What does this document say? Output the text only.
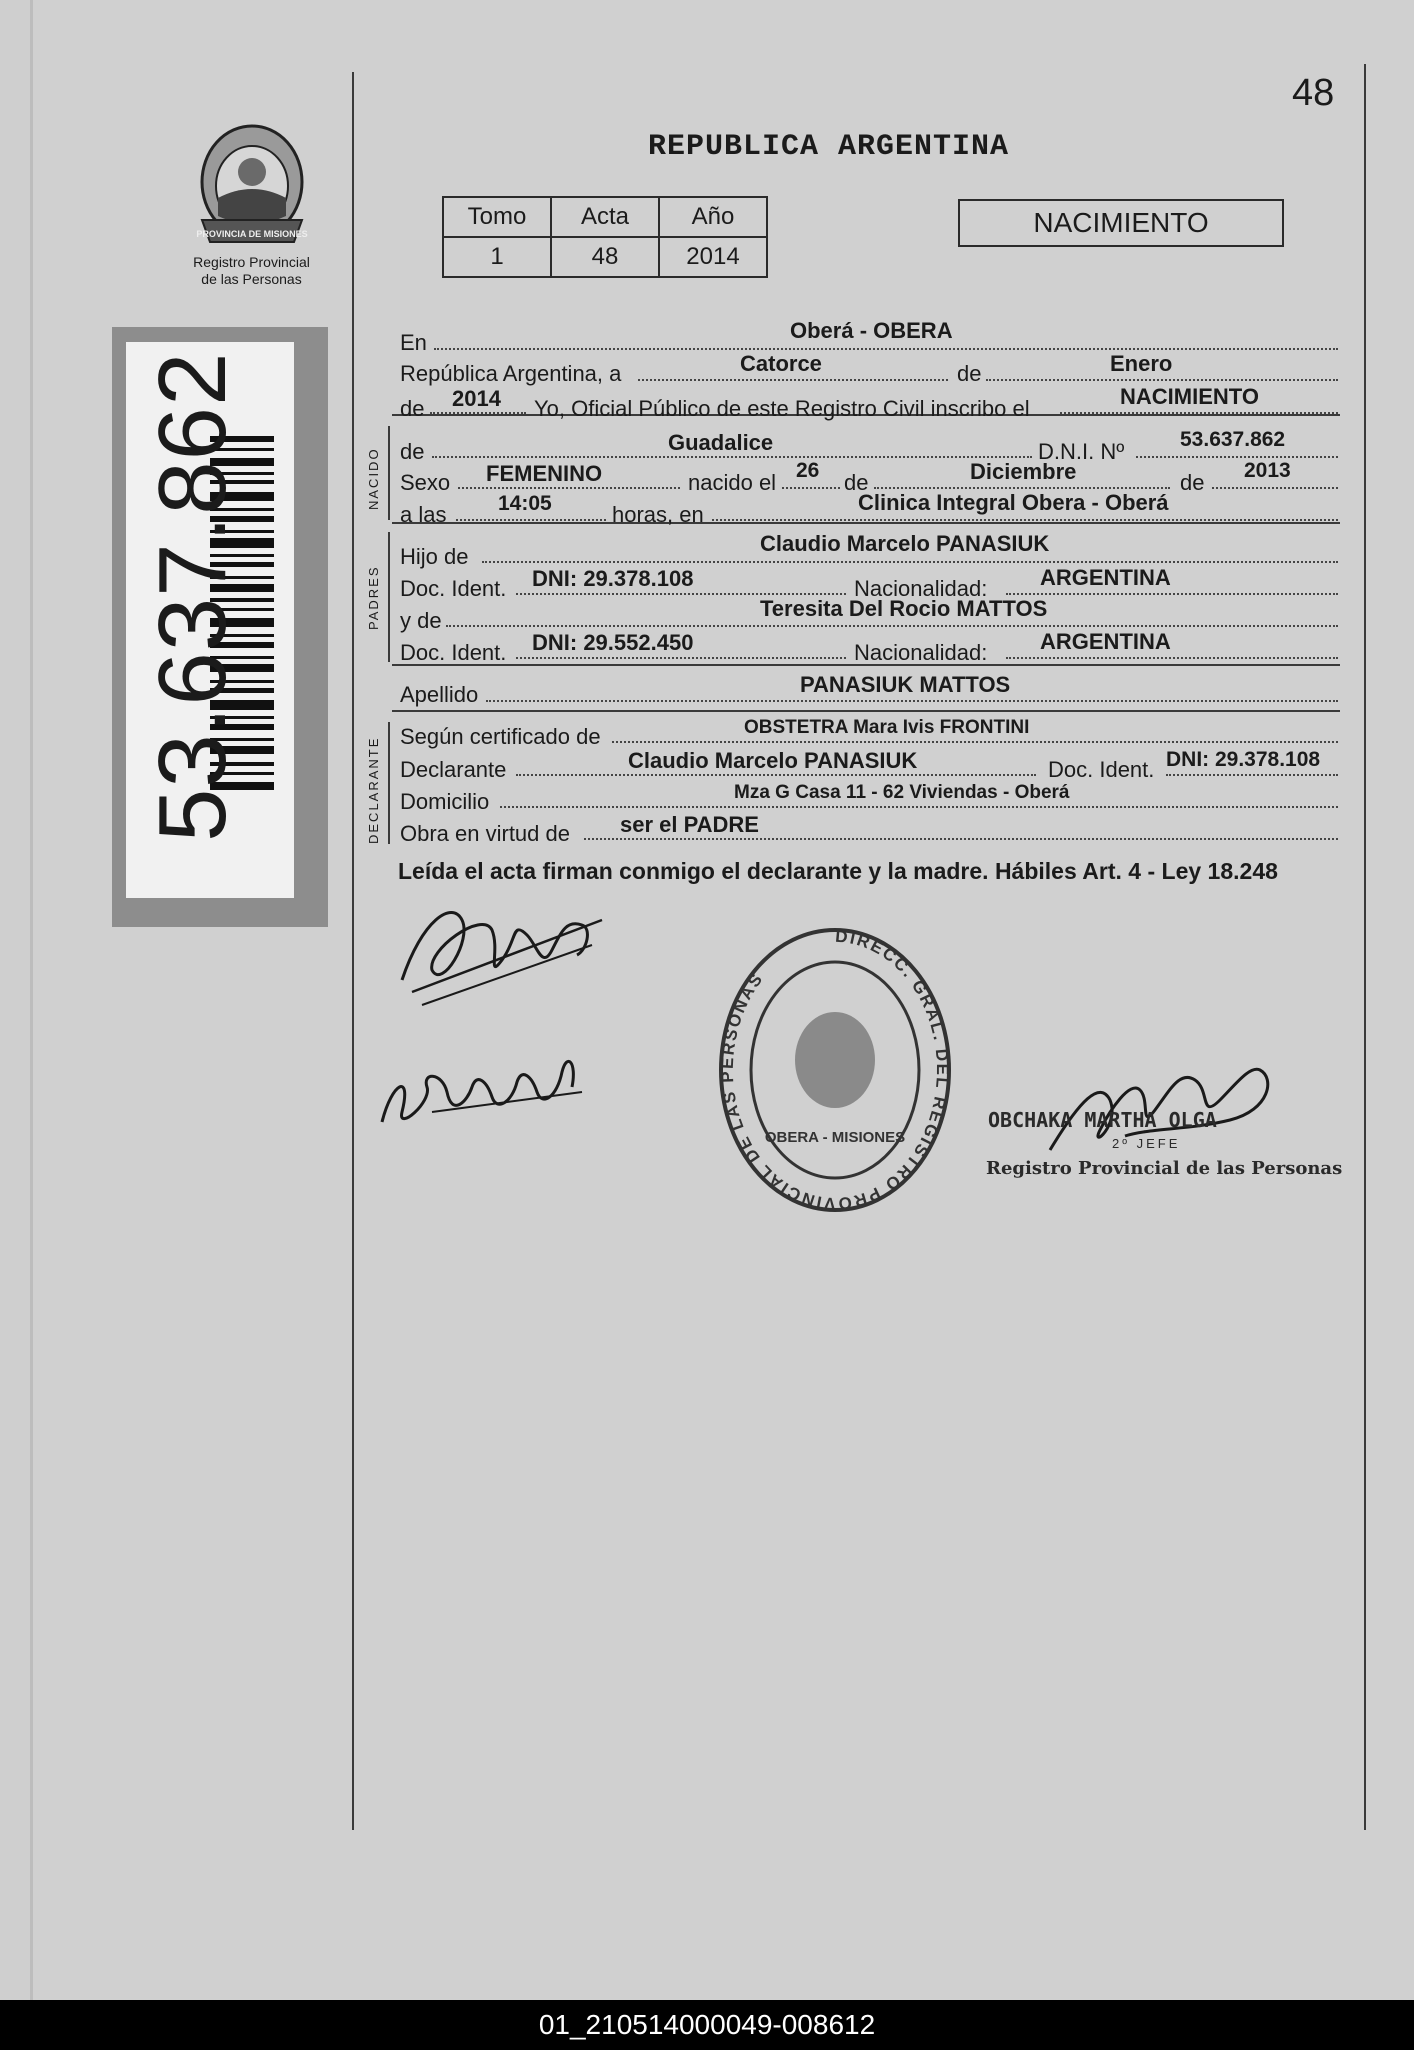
48
REPUBLICA ARGENTINA
PROVINCIA DE MISIONES
Registro Provincial
de las Personas
53.637.862
Tomo	Acta	Año
1	48	2014
NACIMIENTO
NACIDO
PADRES
DECLARANTE
En	Oberá - OBERA
República Argentina, a	Catorce	de	Enero
de 2014 Yo, Oficial Público de este Registro Civil inscribo el	NACIMIENTO
de	Guadalice	D.N.I. Nº	53.637.862
Sexo FEMENINO	nacido el 26 de	Diciembre	de 2013
a las 14:05	horas, en	Clinica Integral Obera - Oberá
Hijo de
Claudio Marcelo PANASIUK
Doc. Ident. DNI: 29.378.108	Nacionalidad: ARGENTINA
y de	Teresita Del Rocio MATTOS
Doc. Ident. DNI: 29.552.450	Nacionalidad: ARGENTINA
Apellido	PANASIUK MATTOS
Según certificado de	OBSTETRA Mara Ivis FRONTINI
Declarante	Claudio Marcelo PANASIUK	Doc. Ident. DNI: 29.378.108
Domicilio	Mza G Casa 11 - 62 Viviendas - Oberá
Obra en virtud de ser el PADRE
Leída el acta firman conmigo el declarante y la madre. Hábiles Art. 4 - Ley 18.248
DIRECC. GRAL. DEL REGISTRO PROVINCIAL DE LAS PERSONAS
OBERA - MISIONES
OBCHAKA MARTHA OLGA
2º JEFE
Registro Provincial de las Personas
01_210514000049-008612
